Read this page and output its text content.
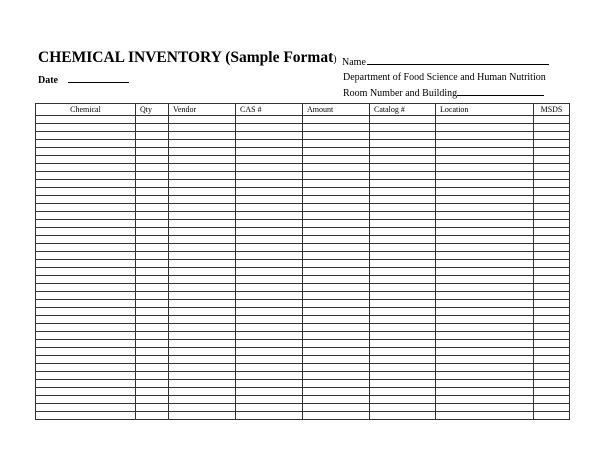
CHEMICAL INVENTORY (Sample Format) Name
Date	Department of Food Science and Human Nutrition
Room Number and Building
Chemical	Qty	Vendor	CAS #	Amount	Catalog #	Location	MSDS
